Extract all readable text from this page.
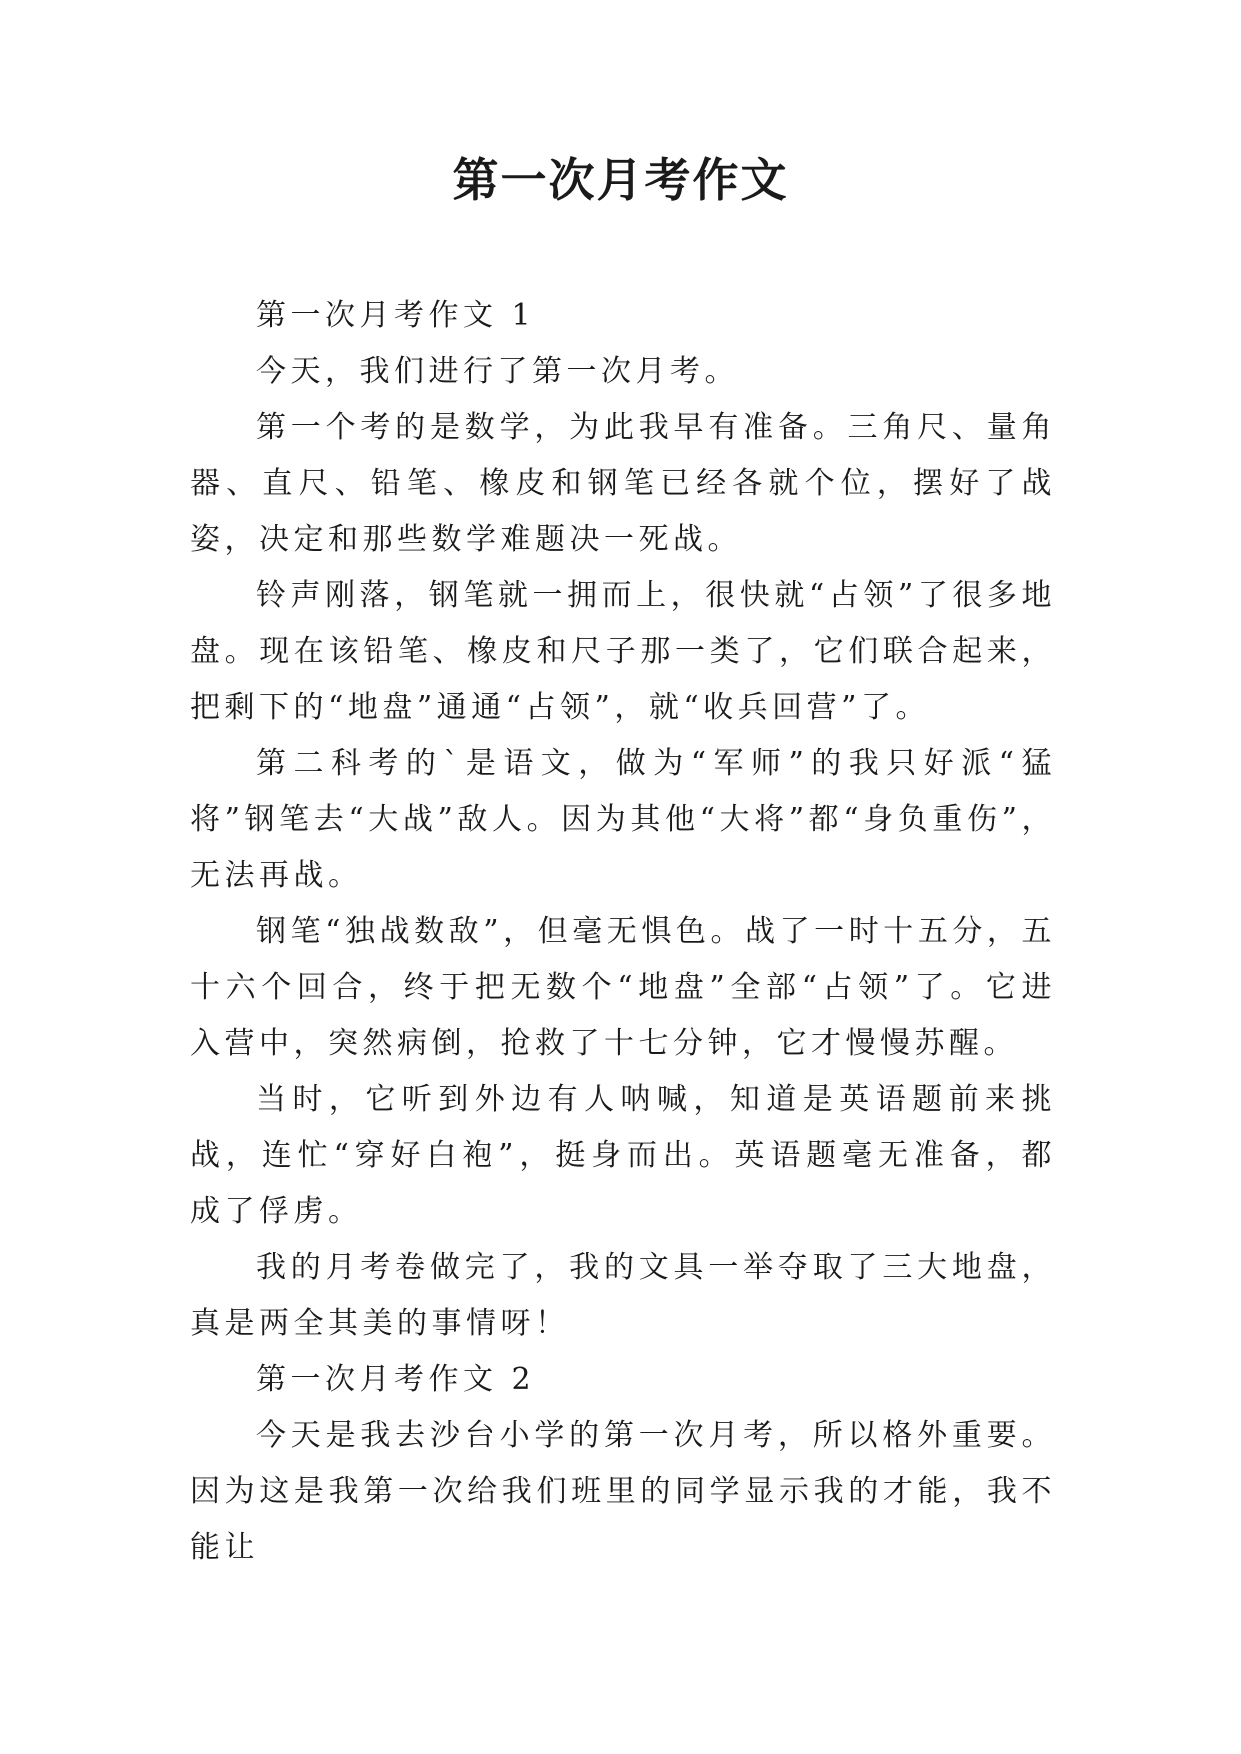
第一次月考作文

第一次月考作文 1

今天，我们进行了第一次月考。

第一个考的是数学，为此我早有准备。三角尺、量角器、直尺、铅笔、橡皮和钢笔已经各就个位，摆好了战姿，决定和那些数学难题决一死战。

铃声刚落，钢笔就一拥而上，很快就“占领”了很多地盘。现在该铅笔、橡皮和尺子那一类了，它们联合起来，把剩下的“地盘”通通“占领”，就“收兵回营”了。

第二科考的`是语文，做为“军师”的我只好派“猛将”钢笔去“大战”敌人。因为其他“大将”都“身负重伤”，无法再战。

钢笔“独战数敌”，但毫无惧色。战了一时十五分，五十六个回合，终于把无数个“地盘”全部“占领”了。它进入营中，突然病倒，抢救了十七分钟，它才慢慢苏醒。

当时，它听到外边有人呐喊，知道是英语题前来挑战，连忙“穿好白袍”，挺身而出。英语题毫无准备，都成了俘虏。

我的月考卷做完了，我的文具一举夺取了三大地盘，真是两全其美的事情呀！

第一次月考作文 2

今天是我去沙台小学的第一次月考，所以格外重要。因为这是我第一次给我们班里的同学显示我的才能，我不能让
